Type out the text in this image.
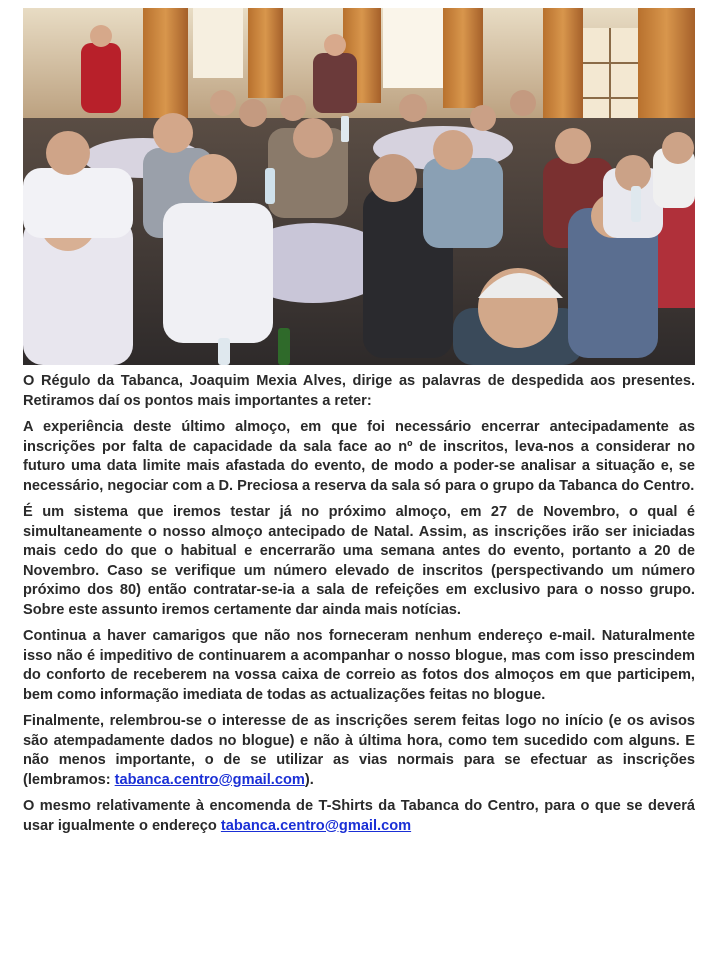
O Régulo da Tabanca, Joaquim Mexia Alves, dirige as palavras de despedida aos presentes. Retiramos daí os pontos mais importantes a reter:

A experiência deste último almoço, em que foi necessário encerrar antecipadamente as inscrições por falta de capacidade da sala face ao nº de inscritos, leva-nos a considerar no futuro uma data limite mais afastada do evento, de modo a poder-se analisar a situação e, se necessário, negociar com a D. Preciosa a reserva da sala só para o grupo da Tabanca do Centro.

É um sistema que iremos testar já no próximo almoço, em 27 de Novembro, o qual é simultaneamente o nosso almoço antecipado de Natal. Assim, as inscrições irão ser iniciadas mais cedo do que o habitual e encerrarão uma semana antes do evento, portanto a 20 de Novembro. Caso se verifique um número elevado de inscritos (perspectivando um número próximo dos 80) então contratar-se-ia a sala de refeições em exclusivo para o nosso grupo. Sobre este assunto iremos certamente dar ainda mais notícias.

Continua a haver camarigos que não nos forneceram nenhum endereço e-mail. Naturalmente isso não é impeditivo de continuarem a acompanhar o nosso blogue, mas com isso prescindem do conforto de receberem na vossa caixa de correio as fotos dos almoços em que participem, bem como informação imediata de todas as actualizações feitas no blogue.

Finalmente, relembrou-se o interesse de as inscrições serem feitas logo no início (e os avisos são atempadamente dados no blogue) e não à última hora, como tem sucedido com alguns. E não menos importante, o de se utilizar as vias normais para se efectuar as inscrições (lembramos: tabanca.centro@gmail.com).

O mesmo relativamente à encomenda de T-Shirts da Tabanca do Centro, para o que se deverá usar igualmente o endereço tabanca.centro@gmail.com
